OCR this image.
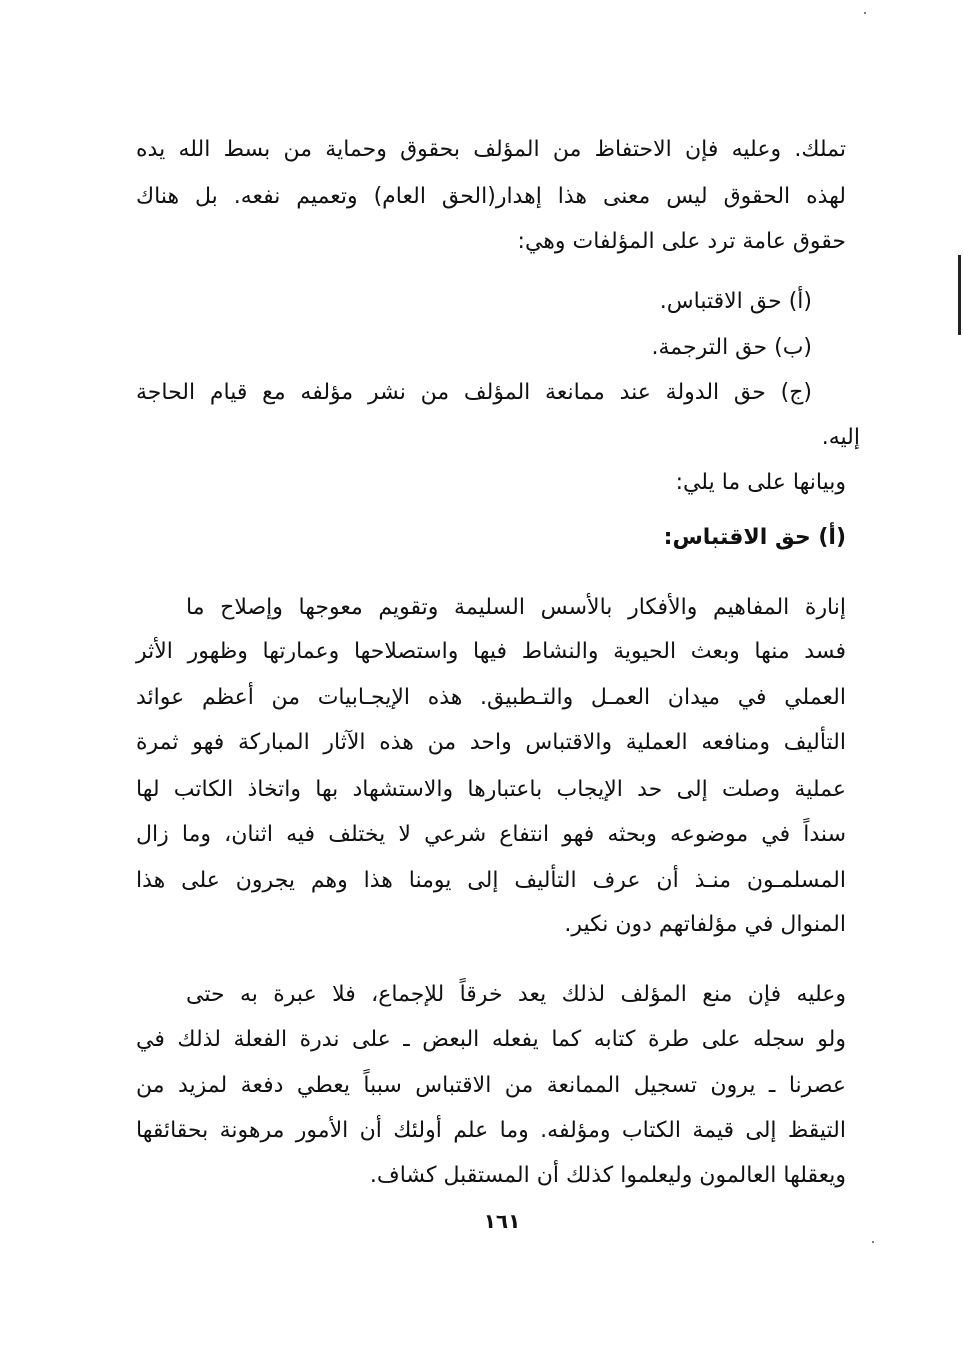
تملك. وعليه فإن الاحتفاظ من المؤلف بحقوق وحماية من بسط الله يده
لهذه الحقوق ليس معنى هذا إهدار(الحق العام) وتعميم نفعه. بل هناك
حقوق عامة ترد على المؤلفات وهي:
(أ) حق الاقتباس.
(ب) حق الترجمة.
(ج) حق الدولة عند ممانعة المؤلف من نشر مؤلفه مع قيام الحاجة
إليه.
وبيانها على ما يلي:
(أ) حق الاقتباس:
إنارة المفاهيم والأفكار بالأسس السليمة وتقويم معوجها وإصلاح ما
فسد منها وبعث الحيوية والنشاط فيها واستصلاحها وعمارتها وظهور الأثر
العملي في ميدان العمـل والتـطبيق. هذه الإيجـابيات من أعظم عوائد
التأليف ومنافعه العملية والاقتباس واحد من هذه الآثار المباركة فهو ثمرة
عملية وصلت إلى حد الإيجاب باعتبارها والاستشهاد بها واتخاذ الكاتب لها
سنداً في موضوعه وبحثه فهو انتفاع شرعي لا يختلف فيه اثنان، وما زال
المسلمـون منـذ أن عرف التأليف إلى يومنا هذا وهم يجرون على هذا
المنوال في مؤلفاتهم دون نكير.
وعليه فإن منع المؤلف لذلك يعد خرقاً للإجماع، فلا عبرة به حتى
ولو سجله على طرة كتابه كما يفعله البعض ـ على ندرة الفعلة لذلك في
عصرنا ـ يرون تسجيل الممانعة من الاقتباس سبباً يعطي دفعة لمزيد من
التيقظ إلى قيمة الكتاب ومؤلفه. وما علم أولئك أن الأمور مرهونة بحقائقها
ويعقلها العالمون وليعلموا كذلك أن المستقبل كشاف.
١٦١
